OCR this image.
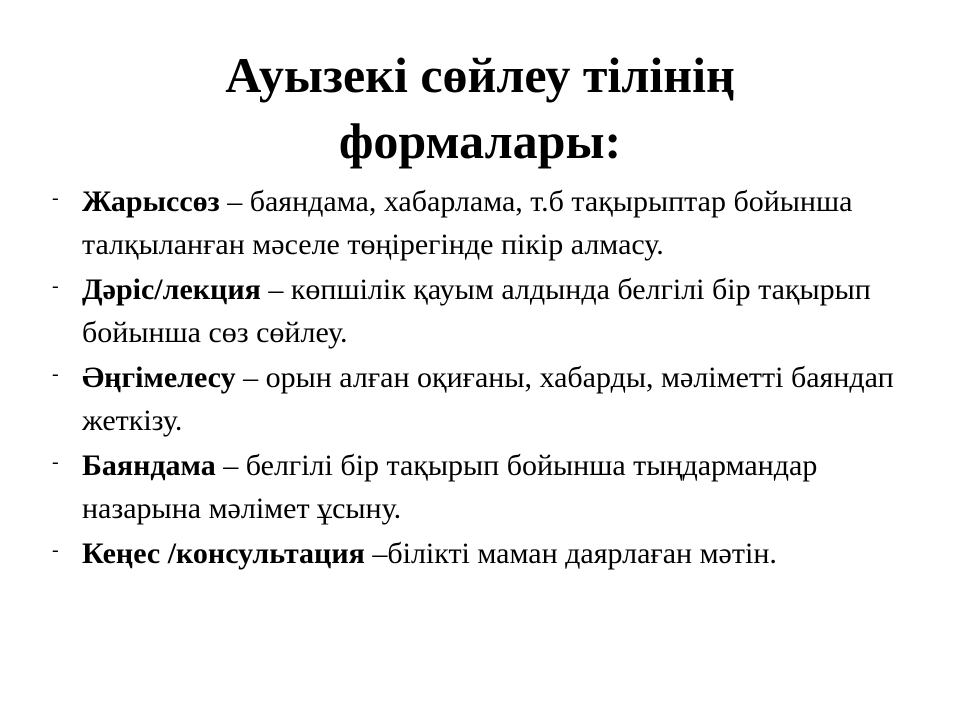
Ауызекі сөйлеу тілінің
формалары:
- Жарыссөз – баяндама, хабарлама, т.б тақырыптар бойынша талқыланған мәселе төңірегінде пікір алмасу.
- Дәріс/лекция – көпшілік қауым алдында белгілі бір тақырып бойынша сөз сөйлеу.
- Әңгімелесу – орын алған оқиғаны, хабарды, мәліметті баяндап жеткізу.
- Баяндама – белгілі бір тақырып бойынша тыңдармандар назарына мәлімет ұсыну.
- Кеңес /консультация –білікті маман даярлаған мәтін.
